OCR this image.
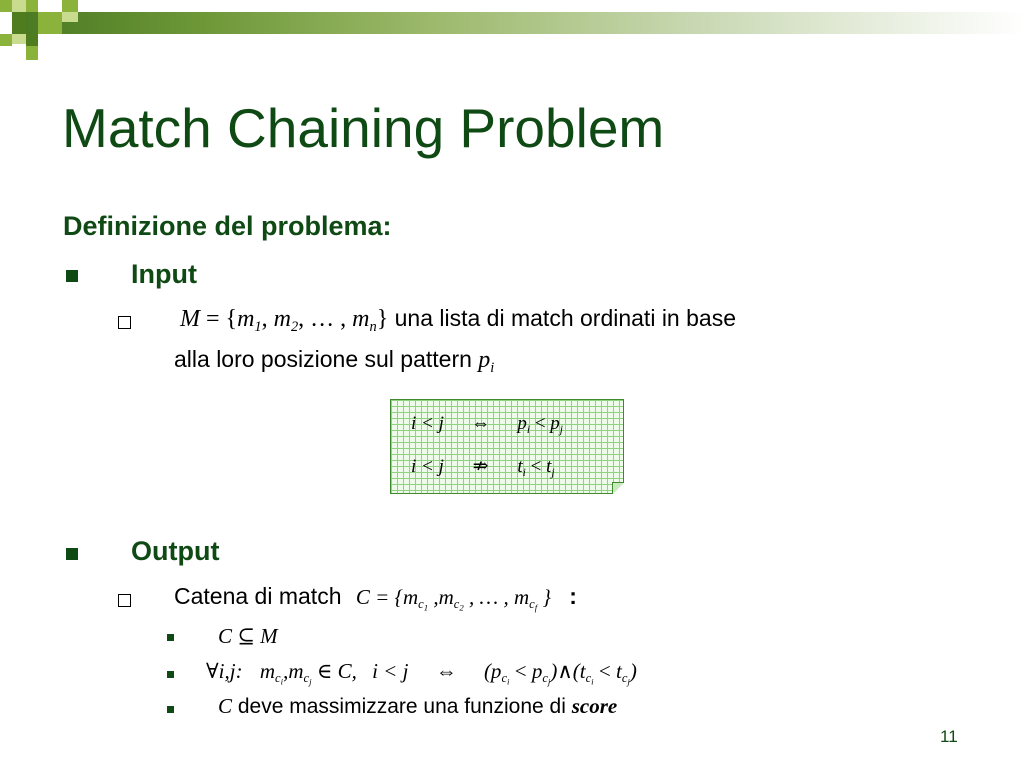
Match Chaining Problem
Definizione del problema:
Input
$M = \{m_1$, $m_2$, … , $m_n$} una lista di match ordinati in base
alla loro posizione sul pattern $p_i$
i < j ⇔ $p_i < p_j$
i < j ⇏ $t_i < t_j$
Output
Catena di match $C = \{m_{c_1}$ $,m_{c_2}$ , … , $m_{c_f}$ } :
C ⊆ M
∀i,j: $m_{c_i},m_{c_j}$ ∈ C, i < j ⇔ ($p_{c_i}$ < $p_{c_j})\wedge(t_{c_i} < t_{c_j})$
C deve massimizzare una funzione di score
11
